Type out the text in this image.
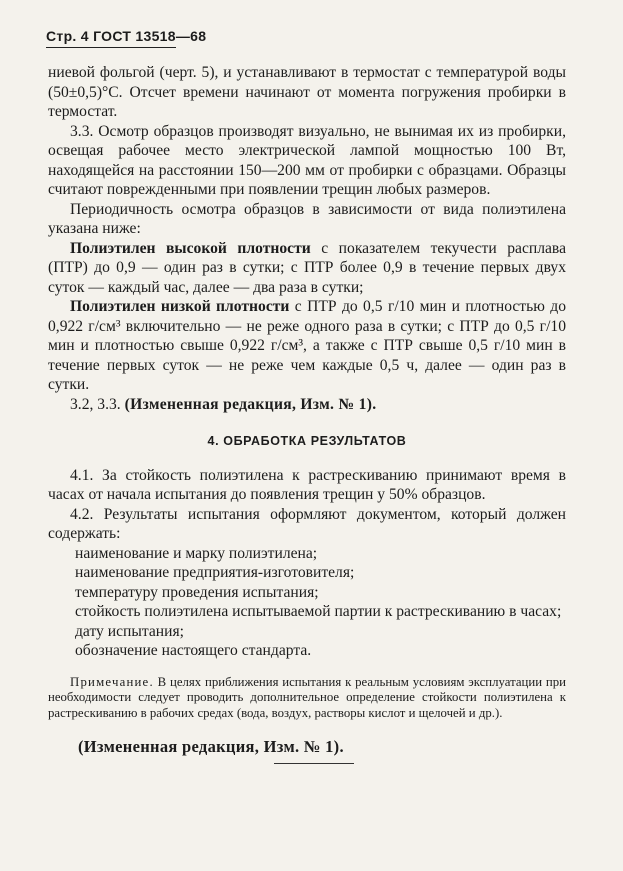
Стр. 4 ГОСТ 13518—68

ниевой фольгой (черт. 5), и устанавливают в термостат с температурой воды (50±0,5)°С. Отсчет времени начинают от момента погружения пробирки в термостат.

3.3. Осмотр образцов производят визуально, не вынимая их из пробирки, освещая рабочее место электрической лампой мощностью 100 Вт, находящейся на расстоянии 150—200 мм от пробирки с образцами. Образцы считают поврежденными при появлении трещин любых размеров.

Периодичность осмотра образцов в зависимости от вида полиэтилена указана ниже:

Полиэтилен высокой плотности с показателем текучести расплава (ПТР) до 0,9 — один раз в сутки; с ПТР более 0,9 в течение первых двух суток — каждый час, далее — два раза в сутки;

Полиэтилен низкой плотности с ПТР до 0,5 г/10 мин и плотностью до 0,922 г/см³ включительно — не реже одного раза в сутки; с ПТР до 0,5 г/10 мин и плотностью свыше 0,922 г/см³, а также с ПТР свыше 0,5 г/10 мин в течение первых суток — не реже чем каждые 0,5 ч, далее — один раз в сутки.

3.2, 3.3. (Измененная редакция, Изм. № 1).

4. ОБРАБОТКА РЕЗУЛЬТАТОВ

4.1. За стойкость полиэтилена к растрескиванию принимают время в часах от начала испытания до появления трещин у 50% образцов.

4.2. Результаты испытания оформляют документом, который должен содержать:

наименование и марку полиэтилена;

наименование предприятия-изготовителя;

температуру проведения испытания;

стойкость полиэтилена испытываемой партии к растрескиванию в часах;

дату испытания;

обозначение настоящего стандарта.

Примечание. В целях приближения испытания к реальным условиям эксплуатации при необходимости следует проводить дополнительное определение стойкости полиэтилена к растрескиванию в рабочих средах (вода, воздух, растворы кислот и щелочей и др.).

(Измененная редакция, Изм. № 1).
